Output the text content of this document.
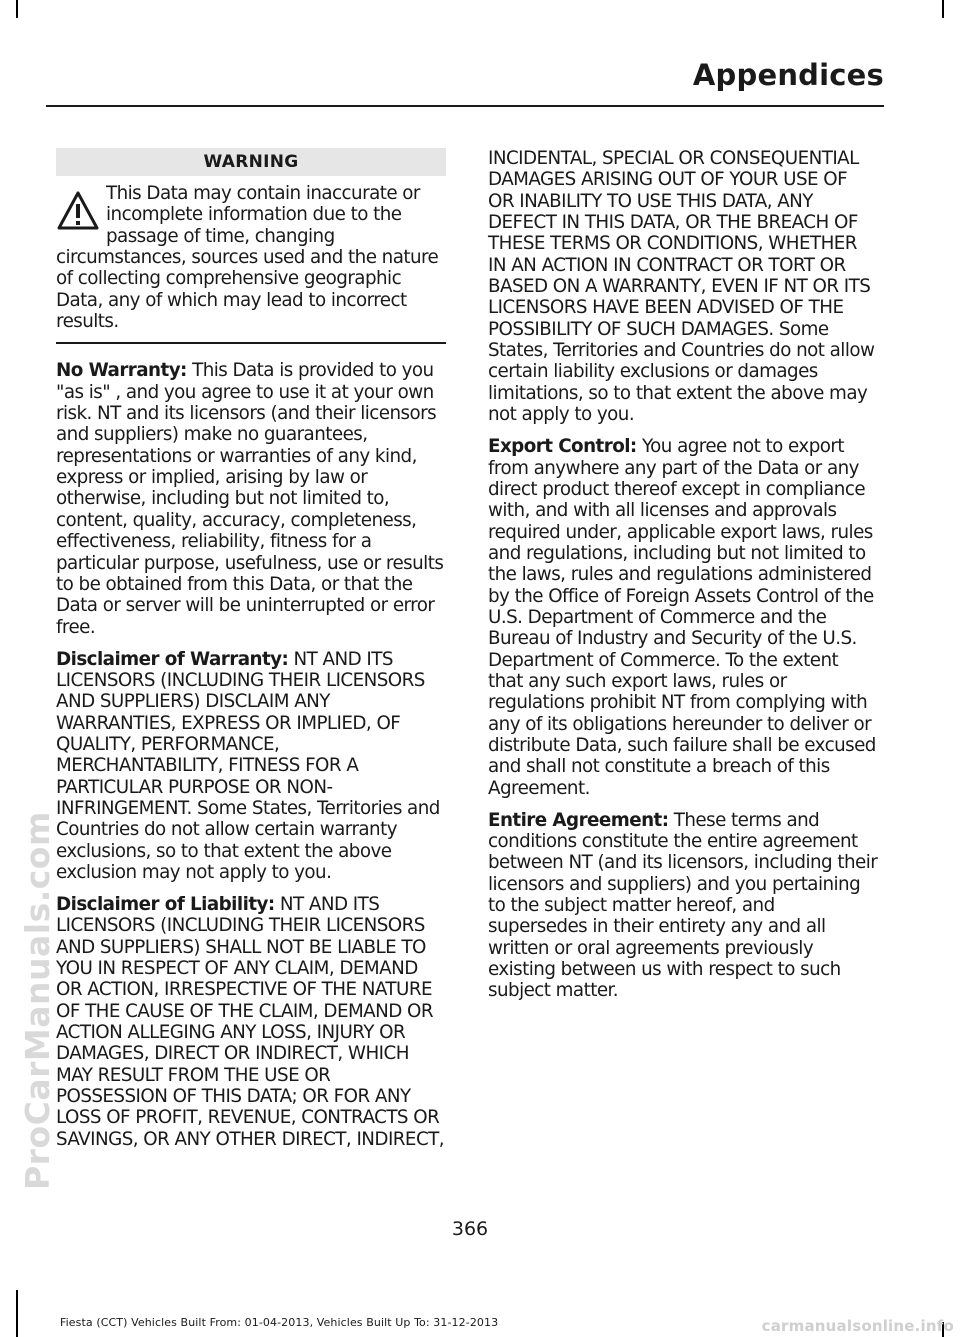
Appendices
WARNING
This Data may contain inaccurate or incomplete information due to the passage of time, changing circumstances, sources used and the nature of collecting comprehensive geographic Data, any of which may lead to incorrect results.

No Warranty: This Data is provided to you "as is" , and you agree to use it at your own risk. NT and its licensors (and their licensors and suppliers) make no guarantees, representations or warranties of any kind, express or implied, arising by law or otherwise, including but not limited to, content, quality, accuracy, completeness, effectiveness, reliability, fitness for a particular purpose, usefulness, use or results to be obtained from this Data, or that the Data or server will be uninterrupted or error free.

Disclaimer of Warranty: NT AND ITS LICENSORS (INCLUDING THEIR LICENSORS AND SUPPLIERS) DISCLAIM ANY WARRANTIES, EXPRESS OR IMPLIED, OF QUALITY, PERFORMANCE, MERCHANTABILITY, FITNESS FOR A PARTICULAR PURPOSE OR NON-INFRINGEMENT. Some States, Territories and Countries do not allow certain warranty exclusions, so to that extent the above exclusion may not apply to you.

Disclaimer of Liability: NT AND ITS LICENSORS (INCLUDING THEIR LICENSORS AND SUPPLIERS) SHALL NOT BE LIABLE TO YOU IN RESPECT OF ANY CLAIM, DEMAND OR ACTION, IRRESPECTIVE OF THE NATURE OF THE CAUSE OF THE CLAIM, DEMAND OR ACTION ALLEGING ANY LOSS, INJURY OR DAMAGES, DIRECT OR INDIRECT, WHICH MAY RESULT FROM THE USE OR POSSESSION OF THIS DATA; OR FOR ANY LOSS OF PROFIT, REVENUE, CONTRACTS OR SAVINGS, OR ANY OTHER DIRECT, INDIRECT,

INCIDENTAL, SPECIAL OR CONSEQUENTIAL DAMAGES ARISING OUT OF YOUR USE OF OR INABILITY TO USE THIS DATA, ANY DEFECT IN THIS DATA, OR THE BREACH OF THESE TERMS OR CONDITIONS, WHETHER IN AN ACTION IN CONTRACT OR TORT OR BASED ON A WARRANTY, EVEN IF NT OR ITS LICENSORS HAVE BEEN ADVISED OF THE POSSIBILITY OF SUCH DAMAGES. Some States, Territories and Countries do not allow certain liability exclusions or damages limitations, so to that extent the above may not apply to you.

Export Control: You agree not to export from anywhere any part of the Data or any direct product thereof except in compliance with, and with all licenses and approvals required under, applicable export laws, rules and regulations, including but not limited to the laws, rules and regulations administered by the Office of Foreign Assets Control of the U.S. Department of Commerce and the Bureau of Industry and Security of the U.S. Department of Commerce. To the extent that any such export laws, rules or regulations prohibit NT from complying with any of its obligations hereunder to deliver or distribute Data, such failure shall be excused and shall not constitute a breach of this Agreement.

Entire Agreement: These terms and conditions constitute the entire agreement between NT (and its licensors, including their licensors and suppliers) and you pertaining to the subject matter hereof, and supersedes in their entirety any and all written or oral agreements previously existing between us with respect to such subject matter.

366
Fiesta (CCT) Vehicles Built From: 01-04-2013, Vehicles Built Up To: 31-12-2013
ProCarManuals.com
carmanualsonline.info
